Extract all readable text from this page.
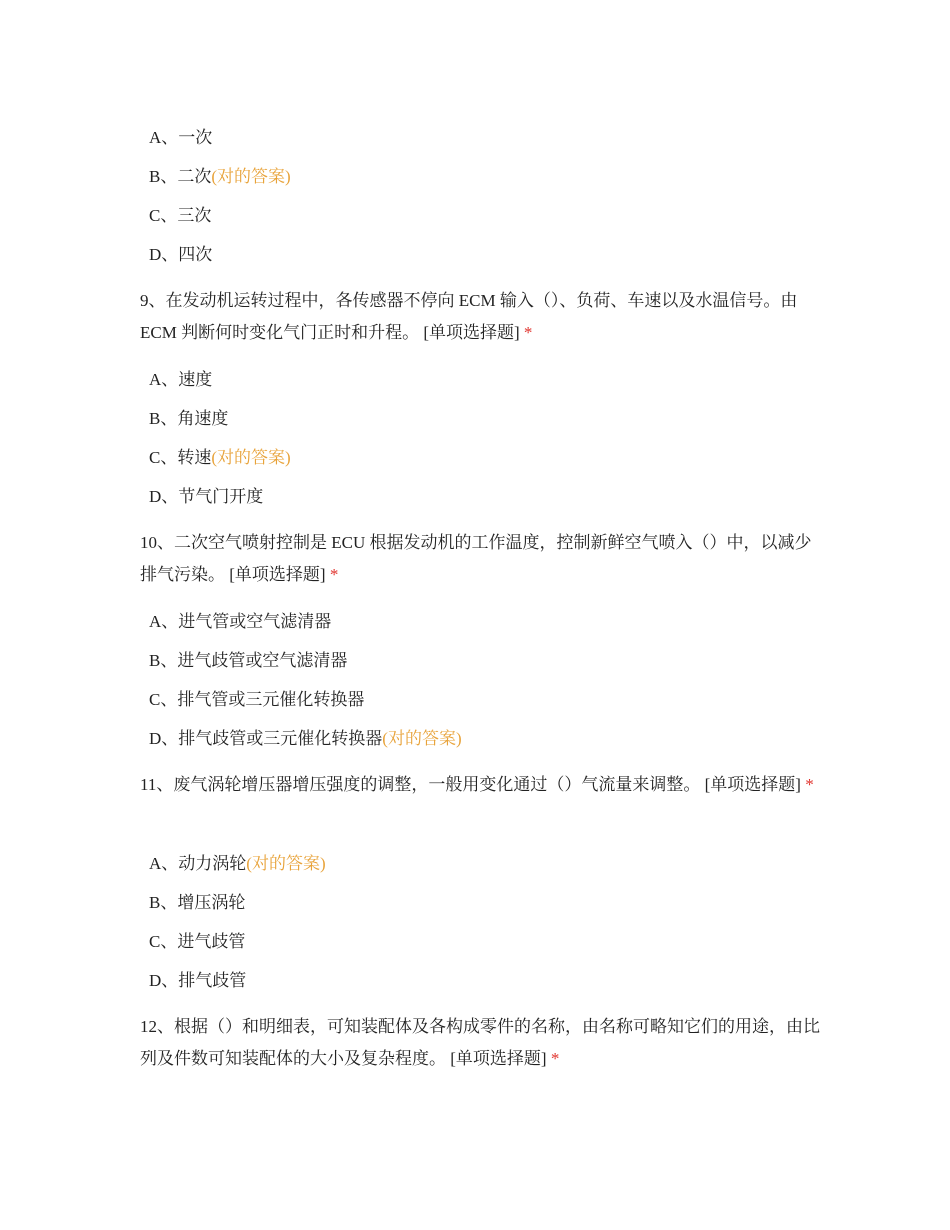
A、一次
B、二次(对的答案)
C、三次
D、四次
9、在发动机运转过程中，各传感器不停向 ECM 输入（）、负荷、车速以及水温信号。由 ECM 判断何时变化气门正时和升程。 [单项选择题] *
A、速度
B、角速度
C、转速(对的答案)
D、节气门开度
10、二次空气喷射控制是 ECU 根据发动机的工作温度，控制新鲜空气喷入（）中，以减少排气污染。 [单项选择题] *
A、进气管或空气滤清器
B、进气歧管或空气滤清器
C、排气管或三元催化转换器
D、排气歧管或三元催化转换器(对的答案)
11、废气涡轮增压器增压强度的调整，一般用变化通过（）气流量来调整。 [单项选择题] *
A、动力涡轮(对的答案)
B、增压涡轮
C、进气歧管
D、排气歧管
12、根据（）和明细表，可知装配体及各构成零件的名称，由名称可略知它们的用途，由比列及件数可知装配体的大小及复杂程度。 [单项选择题] *
